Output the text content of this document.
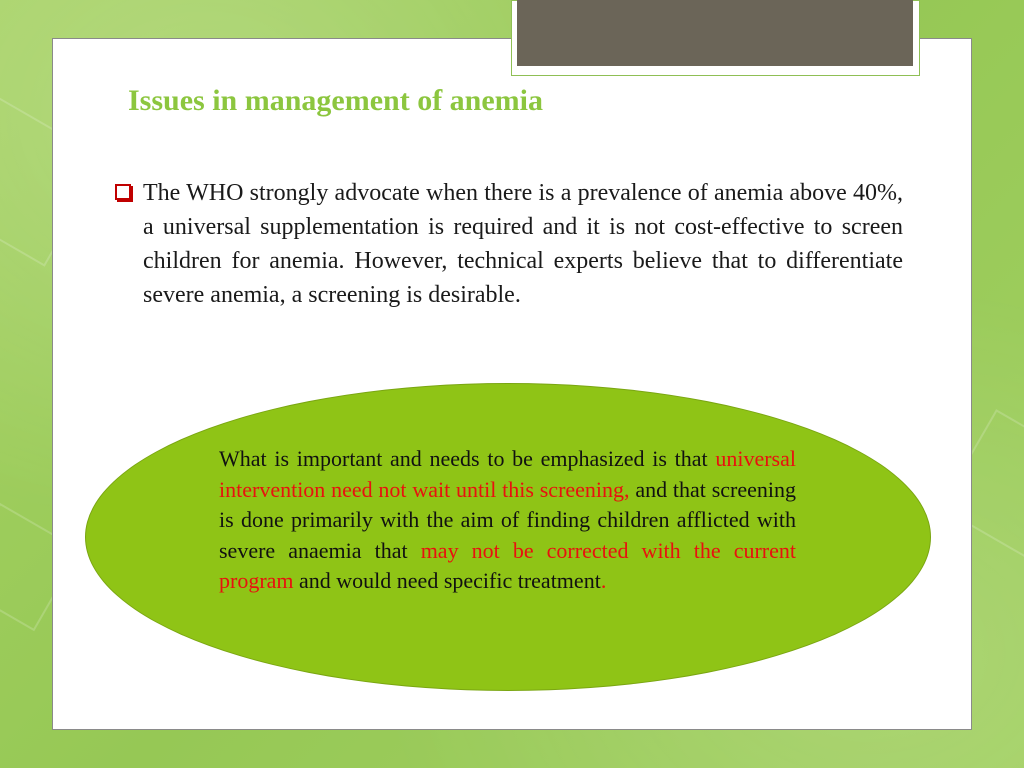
Issues in management of anemia

The WHO strongly advocate when there is a prevalence of anemia above 40%, a universal supplementation is required and it is not cost-effective to screen children for anemia. However, technical experts believe that to differentiate severe anemia, a screening is desirable.

What is important and needs to be emphasized is that universal intervention need not wait until this screening, and that screening is done primarily with the aim of finding children afflicted with severe anaemia that may not be corrected with the current program and would need specific treatment.
